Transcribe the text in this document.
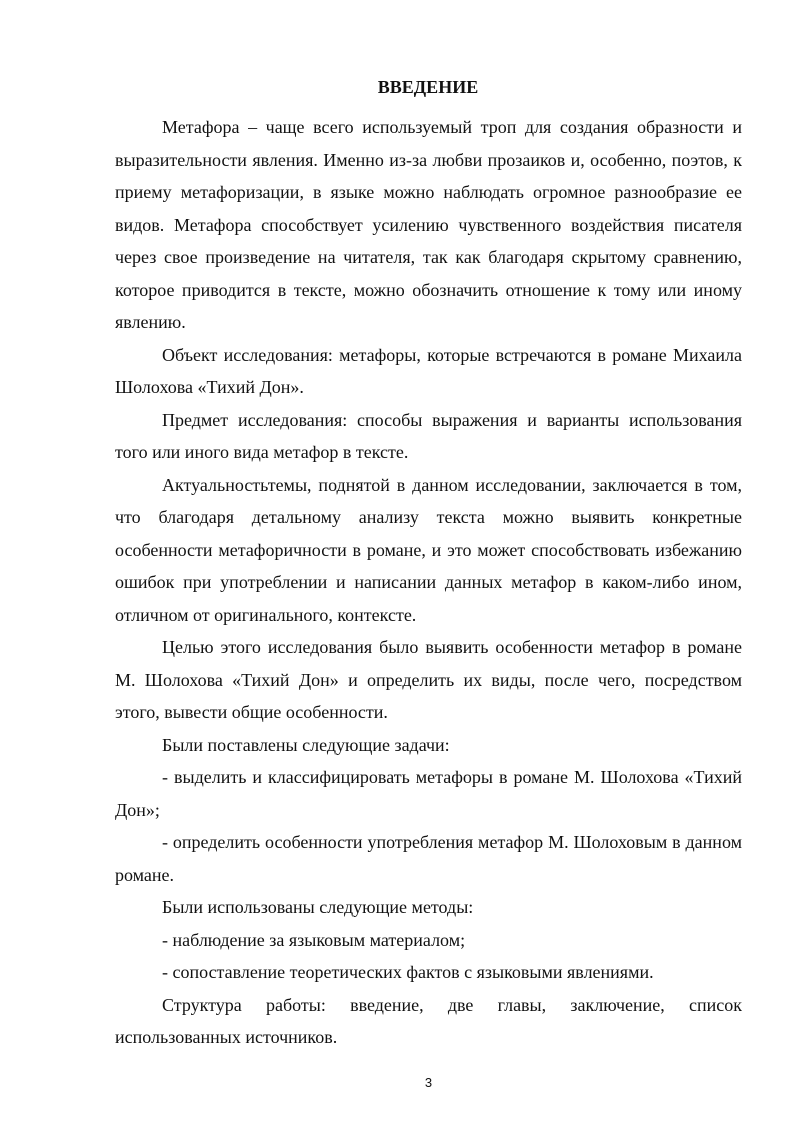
ВВЕДЕНИЕ

Метафора – чаще всего используемый троп для создания образности и выразительности явления. Именно из-за любви прозаиков и, особенно, поэтов, к приему метафоризации, в языке можно наблюдать огромное разнообразие ее видов. Метафора способствует усилению чувственного воздействия писателя через свое произведение на читателя, так как благодаря скрытому сравнению, которое приводится в тексте, можно обозначить отношение к тому или иному явлению.

Объект исследования: метафоры, которые встречаются в романе Михаила Шолохова «Тихий Дон».

Предмет исследования: способы выражения и варианты использования того или иного вида метафор в тексте.

Актуальностьтемы, поднятой в данном исследовании, заключается в том, что благодаря детальному анализу текста можно выявить конкретные особенности метафоричности в романе, и это может способствовать избежанию ошибок при употреблении и написании данных метафор в каком-либо ином, отличном от оригинального, контексте.

Целью этого исследования было выявить особенности метафор в романе М. Шолохова «Тихий Дон» и определить их виды, после чего, посредством этого, вывести общие особенности.

Были поставлены следующие задачи:

- выделить и классифицировать метафоры в романе М. Шолохова «Тихий Дон»;

- определить особенности употребления метафор М. Шолоховым в данном романе.

Были использованы следующие методы:

- наблюдение за языковым материалом;

- сопоставление теоретических фактов с языковыми явлениями.

Структура работы: введение, две главы, заключение, список использованных источников.

3
